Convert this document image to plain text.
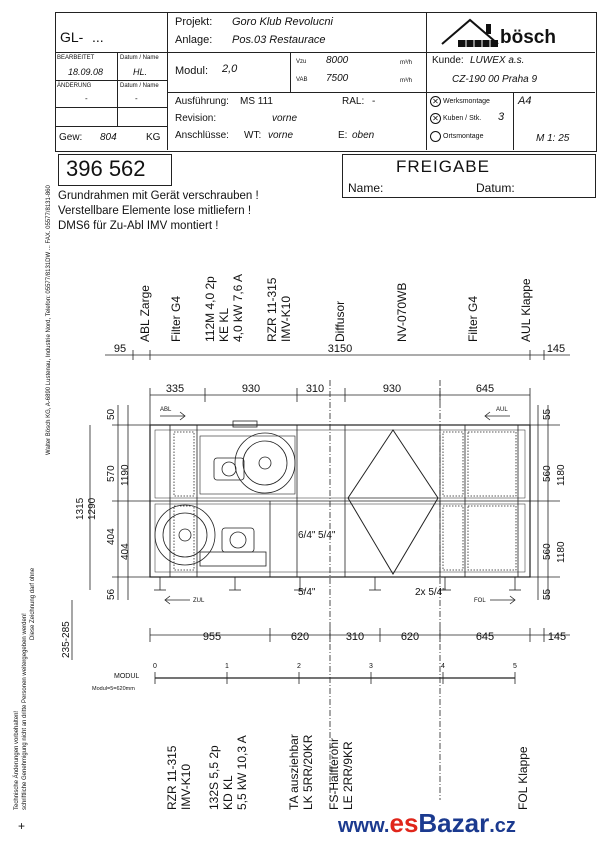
GL- ...
BEARBEITET	Datum / Name
18.09.08	HL.
ÄNDERUNG	Datum / Name
-	-
Gew: 804	KG
Projekt: Goro Klub Revolucni
Anlage: Pos.03 Restaurace
Modul: 2,0
Vzu 8000	m³/h
VAB 7500	m³/h
Ausführung: MS 111	RAL: -
Revision:	vorne
Anschlüsse: WT: vorne	E: oben
bösch
Kunde: LUWEX a.s.
CZ-190 00 Praha 9
✕ Werksmontage
✕ Kuben / Stk. 3
Ortsmontage
A4
M 1: 25
Walter Bösch KG, A-6890 Lustenau, Industrie Nord, Telefon: 05577/8131DW ... FAX. 05577/8131-860
Technische Änderungen vorbehalten! schriftliche Genehmigung nicht an dritte Personen weitergegeben werden!
Diese Zeichnung darf ohne
+
396 562	FREIGABE
Name:	Datum:
Grundrahmen mit Gerät verschrauben !
Verstellbare Elemente lose mitliefern !
DMS6 für Zu-Abl IMV montiert !
ABL Zarge Filter G4 112M 4,0 2p KE KL 4,0 kW 7,6 A RZR 11-315 IMV-K10	Diffusor	NV-070WB	Filter G4	AUL Klappe
95	3150	145
335	930	310	930	645
955	620	310	620	645	145
6/4" 5/4"
5/4"	2x 5/4"
ABL	AUL
ZUL	FOL
0	1	2	3	4	5
MODUL
Modul=5=620mm
50
570 1190
1315 1290
404
404
56
235-285
55
560 1180
560 1180
55
RZR 11-315 IMV-K10 132S 5,5 2p KD KL 5,5 kW 10,3 A	TA ausziehbar LK 5RR/20KR FS-Halfterohr LE 2RR/9KR	FOL Klappe
www.esBazar.cz
